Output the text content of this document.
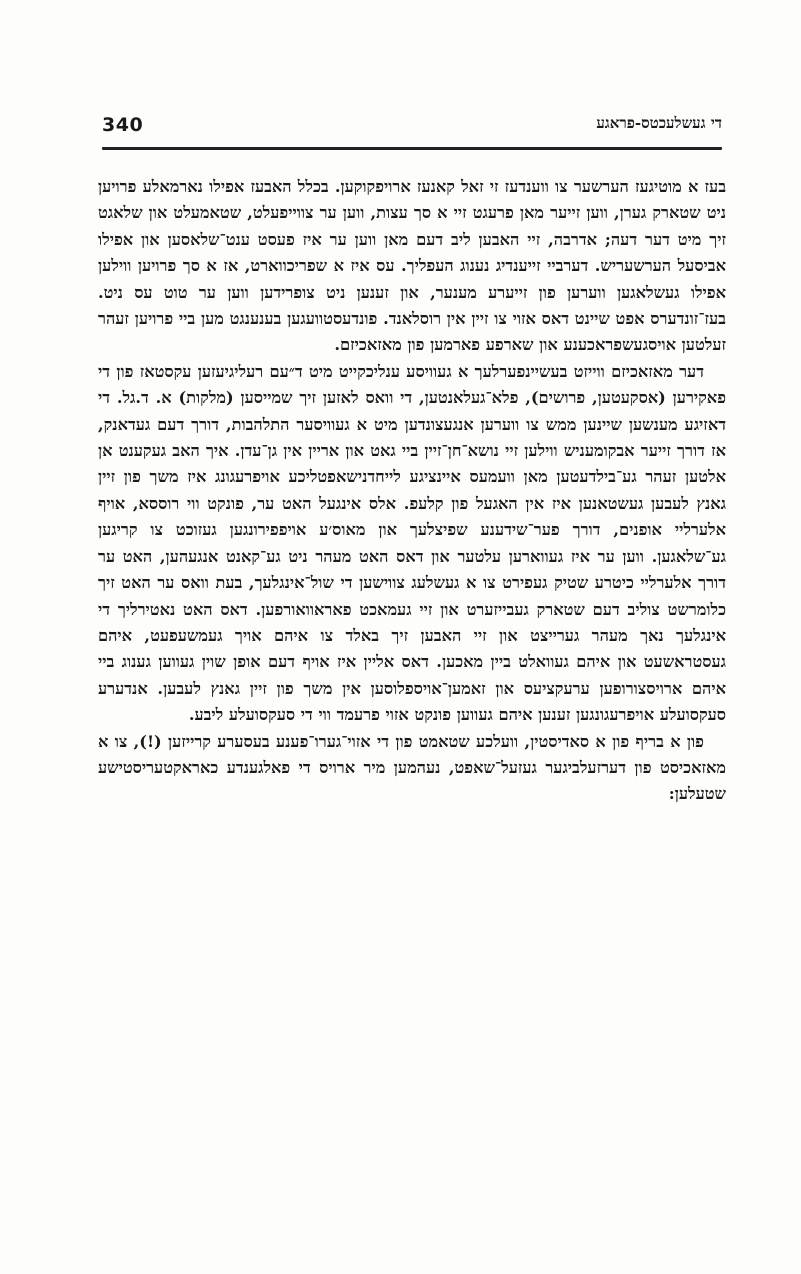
340	די געשלעכטס-פראגע

בעז א מוטיגעז הערשער צו ווענדעז זי זאל קאנעז ארויפקוקען. בכלל האבעז אפילו נארמאלע פרויען ניט שטארק גערן, ווען זייער מאן פרעגט זיי א סך עצות, ווען ער צווייפעלט, שטאמעלט און שלאגט זיך מיט דער דעה; אדרבה, זיי האבען ליב דעם מאן ווען ער איז פעסט ענט־שלאסען און אפילו אביסעל הערשעריש. דערביי זייענדיג נענוג העפליך. עס איז א שפריכווארט, אז א סך פרויען ווילען אפילו געשלאגען ווערען פון זייערע מענער, און זענען ניט צופרידען ווען ער טוט עס ניט. בעז־זונדערס אפט שיינט דאס אזוי צו זיין אין רוסלאנד. פונדעסטוועגען בענענגט מען ביי פרויען זעהר זעלטען אויסגעשפראכענע און שארפע פארמען פון מאזאכיזם.

דער מאזאכיזם ווייזט בעשיינפערלעך א געוויסע ענליכקייט מיט ד״עם רעליגיעזען עקסטאז פון די פאקירען (אסקעטען, פרושים), פלא־געלאנטען, די וואס לאזען זיך שמייסען (מלקות) א. ד.גל. די דאזיגע מענשען שיינען ממש צו ווערען אנגעצונדען מיט א געוויסער התלהבות, דורך דעם געדאנק, אז דורך זייער אבקומעניש ווילען זיי נושא־חן־זיין ביי גאט און אריין אין גן־עדן. איך האב געקענט אן אלטען זעהר גע־בילדעטען מאן וועמעס איינציגע לייחדנישאפטליכע אויפרעגונג איז משך פון זיין גאנץ לעבען געשטאנען איז אין האגעל פון קלעפ. אלס אינגעל האט ער, פונקט ווי רוססא, אויף אלערליי אופנים, דורך פער־שידענע שפיצלעך און מאוס׳ע אויפפירונגען געזוכט צו קריגען גע־שלאגען. ווען ער איז געווארען עלטער און דאס האט מעהר ניט גע־קאנט אנגעהען, האט ער דורך אלערליי כיטרע שטיק געפירט צו א געשלעג צווישען די שול־אינגלעך, בעת וואס ער האט זיך כלומרשט צוליב דעם שטארק געבייזערט און זיי געמאכט פאראוואורפען. דאס האט נאטירליך די אינגלעך נאך מעהר גערייצט און זיי האבען זיך באלד צו איהם אויך געמשעפעט, איהם געסטראשעט און איהם געוואלט ביין מאכען. דאס אליין איז אויף דעם אופן שוין געווען גענוג ביי איהם ארויסצורופען ערעקציעס און זאמען־אויספלוסען אין משך פון זיין גאנץ לעבען. אנדערע סעקסועלע אויפרעגונגען זענען איהם געווען פונקט אזוי פרעמד ווי די סעקסועלע ליבע.

פון א בריף פון א סאדיסטין, וועלכע שטאמט פון די אזוי־גערו־פענע בעסערע קרייזען (!), צו א מאזאכיסט פון דערזעלביגער געזעל־שאפט, נעהמען מיר ארויס די פאלגענדע כאראקטעריסטישע שטעלען:
